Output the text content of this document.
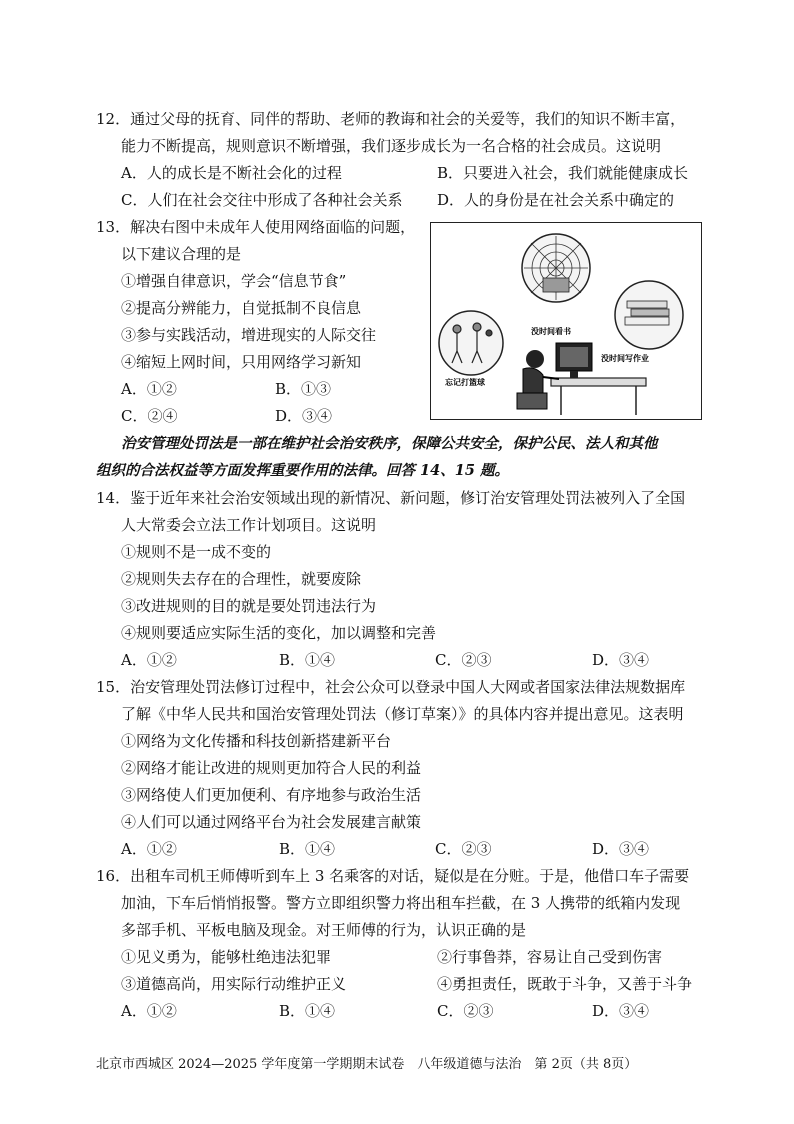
12．通过父母的抚育、同伴的帮助、老师的教诲和社会的关爱等，我们的知识不断丰富，
能力不断提高，规则意识不断增强，我们逐步成长为一名合格的社会成员。这说明
A．人的成长是不断社会化的过程	B．只要进入社会，我们就能健康成长
C．人们在社会交往中形成了各种社会关系 D．人的身份是在社会关系中确定的
13．解决右图中未成年人使用网络面临的问题，
以下建议合理的是
①增强自律意识，学会“信息节食”
②提高分辨能力，自觉抵制不良信息
③参与实践活动，增进现实的人际交往
④缩短上网时间，只用网络学习新知
A．①②	B．①③
C．②④	D．③④
没时间看书
没时间写作业
忘记打篮球
治安管理处罚法是一部在维护社会治安秩序，保障公共安全，保护公民、法人和其他
组织的合法权益等方面发挥重要作用的法律。回答 14、15 题。
14．鉴于近年来社会治安领域出现的新情况、新问题，修订治安管理处罚法被列入了全国
人大常委会立法工作计划项目。这说明
①规则不是一成不变的
②规则失去存在的合理性，就要废除
③改进规则的目的就是要处罚违法行为
④规则要适应实际生活的变化，加以调整和完善
A．①②	B．①④	C．②③	D．③④
15．治安管理处罚法修订过程中，社会公众可以登录中国人大网或者国家法律法规数据库
了解《中华人民共和国治安管理处罚法（修订草案）》的具体内容并提出意见。这表明
①网络为文化传播和科技创新搭建新平台
②网络才能让改进的规则更加符合人民的利益
③网络使人们更加便利、有序地参与政治生活
④人们可以通过网络平台为社会发展建言献策
A．①②	B．①④	C．②③	D．③④
16．出租车司机王师傅听到车上 3 名乘客的对话，疑似是在分赃。于是，他借口车子需要
加油，下车后悄悄报警。警方立即组织警力将出租车拦截，在 3 人携带的纸箱内发现
多部手机、平板电脑及现金。对王师傅的行为，认识正确的是
①见义勇为，能够杜绝违法犯罪	②行事鲁莽，容易让自己受到伤害
③道德高尚，用实际行动维护正义	④勇担责任，既敢于斗争，又善于斗争
A．①②	B．①④	C．②③	D．③④
北京市西城区 2024—2025 学年度第一学期期末试卷　八年级道德与法治　第 2页（共 8页）
